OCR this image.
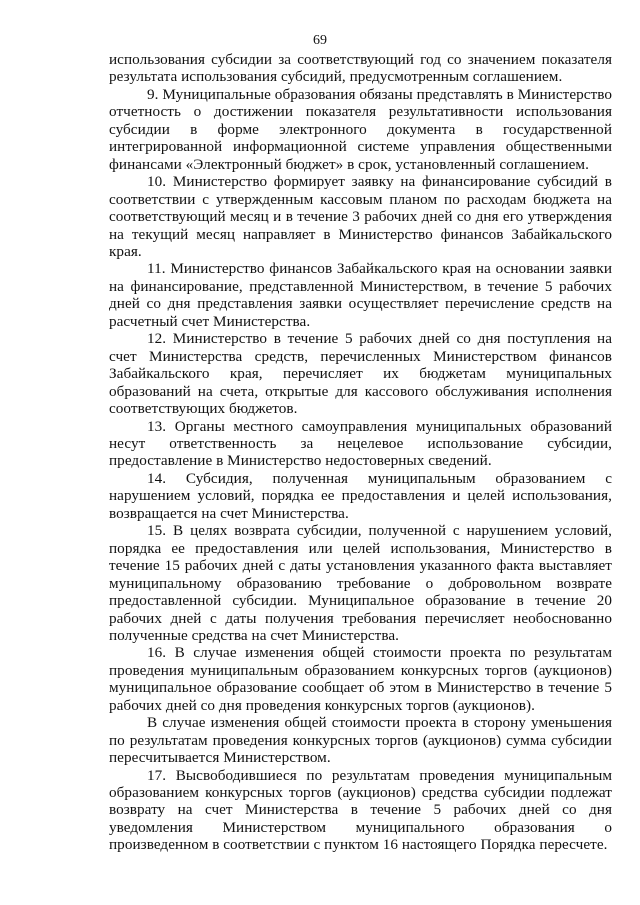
69

использования субсидии за соответствующий год со значением показателя результата использования субсидий, предусмотренным соглашением.

9. Муниципальные образования обязаны представлять в Министерство отчетность о достижении показателя результативности использования субсидии в форме электронного документа в государственной интегрированной информационной системе управления общественными финансами «Электронный бюджет» в срок, установленный соглашением.

10. Министерство формирует заявку на финансирование субсидий в соответствии с утвержденным кассовым планом по расходам бюджета на соответствующий месяц и в течение 3 рабочих дней со дня его утверждения на текущий месяц направляет в Министерство финансов Забайкальского края.

11. Министерство финансов Забайкальского края на основании заявки на финансирование, представленной Министерством, в течение 5 рабочих дней со дня представления заявки осуществляет перечисление средств на расчетный счет Министерства.

12. Министерство в течение 5 рабочих дней со дня поступления на счет Министерства средств, перечисленных Министерством финансов Забайкальского края, перечисляет их бюджетам муниципальных образований на счета, открытые для кассового обслуживания исполнения соответствующих бюджетов.

13. Органы местного самоуправления муниципальных образований несут ответственность за нецелевое использование субсидии, предоставление в Министерство недостоверных сведений.

14. Субсидия, полученная муниципальным образованием с нарушением условий, порядка ее предоставления и целей использования, возвращается на счет Министерства.

15. В целях возврата субсидии, полученной с нарушением условий, порядка ее предоставления или целей использования, Министерство в течение 15 рабочих дней с даты установления указанного факта выставляет муниципальному образованию требование о добровольном возврате предоставленной субсидии. Муниципальное образование в течение 20 рабочих дней с даты получения требования перечисляет необоснованно полученные средства на счет Министерства.

16. В случае изменения общей стоимости проекта по результатам проведения муниципальным образованием конкурсных торгов (аукционов) муниципальное образование сообщает об этом в Министерство в течение 5 рабочих дней со дня проведения конкурсных торгов (аукционов).

В случае изменения общей стоимости проекта в сторону уменьшения по результатам проведения конкурсных торгов (аукционов) сумма субсидии пересчитывается Министерством.

17. Высвободившиеся по результатам проведения муниципальным образованием конкурсных торгов (аукционов) средства субсидии подлежат возврату на счет Министерства в течение 5 рабочих дней со дня уведомления Министерством муниципального образования о произведенном в соответствии с пунктом 16 настоящего Порядка пересчете.
